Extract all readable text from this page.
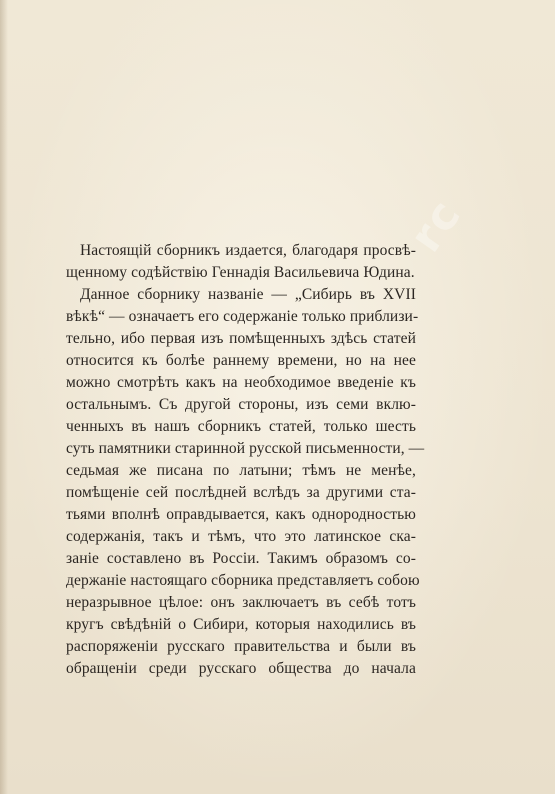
rc
Настоящій сборникъ издается, благодаря просвѣ-
щенному содѣйствію Геннадія Васильевича Юдина.
Данное сборнику названіе — „Сибирь въ XVII
вѣкѣ“ — означаетъ его содержаніе только приблизи-
тельно, ибо первая изъ помѣщенныхъ здѣсь статей
относится къ болѣе раннему времени, но на нее
можно смотрѣть какъ на необходимое введеніе къ
остальнымъ. Съ другой стороны, изъ семи вклю-
ченныхъ въ нашъ сборникъ статей, только шесть
суть памятники старинной русской письменности, —
седьмая же писана по латыни; тѣмъ не менѣе,
помѣщеніе сей послѣдней вслѣдъ за другими ста-
тьями вполнѣ оправдывается, какъ однородностью
содержанія, такъ и тѣмъ, что это латинское ска-
заніе составлено въ Россіи. Такимъ образомъ со-
держаніе настоящаго сборника представляетъ собою
неразрывное цѣлое: онъ заключаетъ въ себѣ тотъ
кругъ свѣдѣній о Сибири, которыя находились въ
распоряженіи русскаго правительства и были въ
обращеніи среди русскаго общества до начала
